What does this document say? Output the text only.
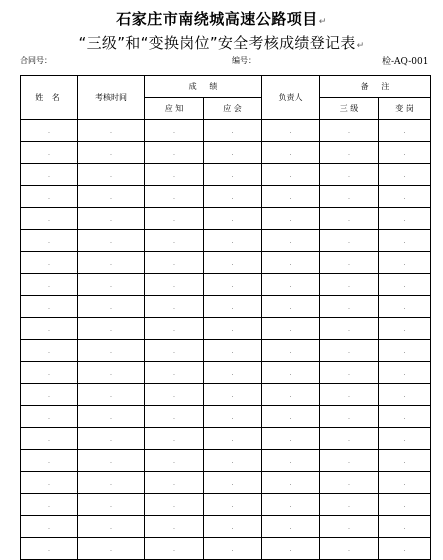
石家庄市南绕城高速公路项目↵
“三级”和“变换岗位”安全考核成绩登记表↵
合同号：	编号：	检-AQ-001
姓 名	考核时间	成     绩		负责人	备     注	
		应 知	应 会		三 级	变 岗
.	.	.	.	.	.	.
.	.	.	.	.	.	.
.	.	.	.	.	.	.
.	.	.	.	.	.	.
.	.	.	.	.	.	.
.	.	.	.	.	.	.
.	.	.	.	.	.	.
.	.	.	.	.	.	.
.	.	.	.	.	.	.
.	.	.	.	.	.	.
.	.	.	.	.	.	.
.	.	.	.	.	.	.
.	.	.	.	.	.	.
.	.	.	.	.	.	.
.	.	.	.	.	.	.
.	.	.	.	.	.	.
.	.	.	.	.	.	.
.	.	.	.	.	.	.
.	.	.	.	.	.	.
.	.	.	.	.	.	.
